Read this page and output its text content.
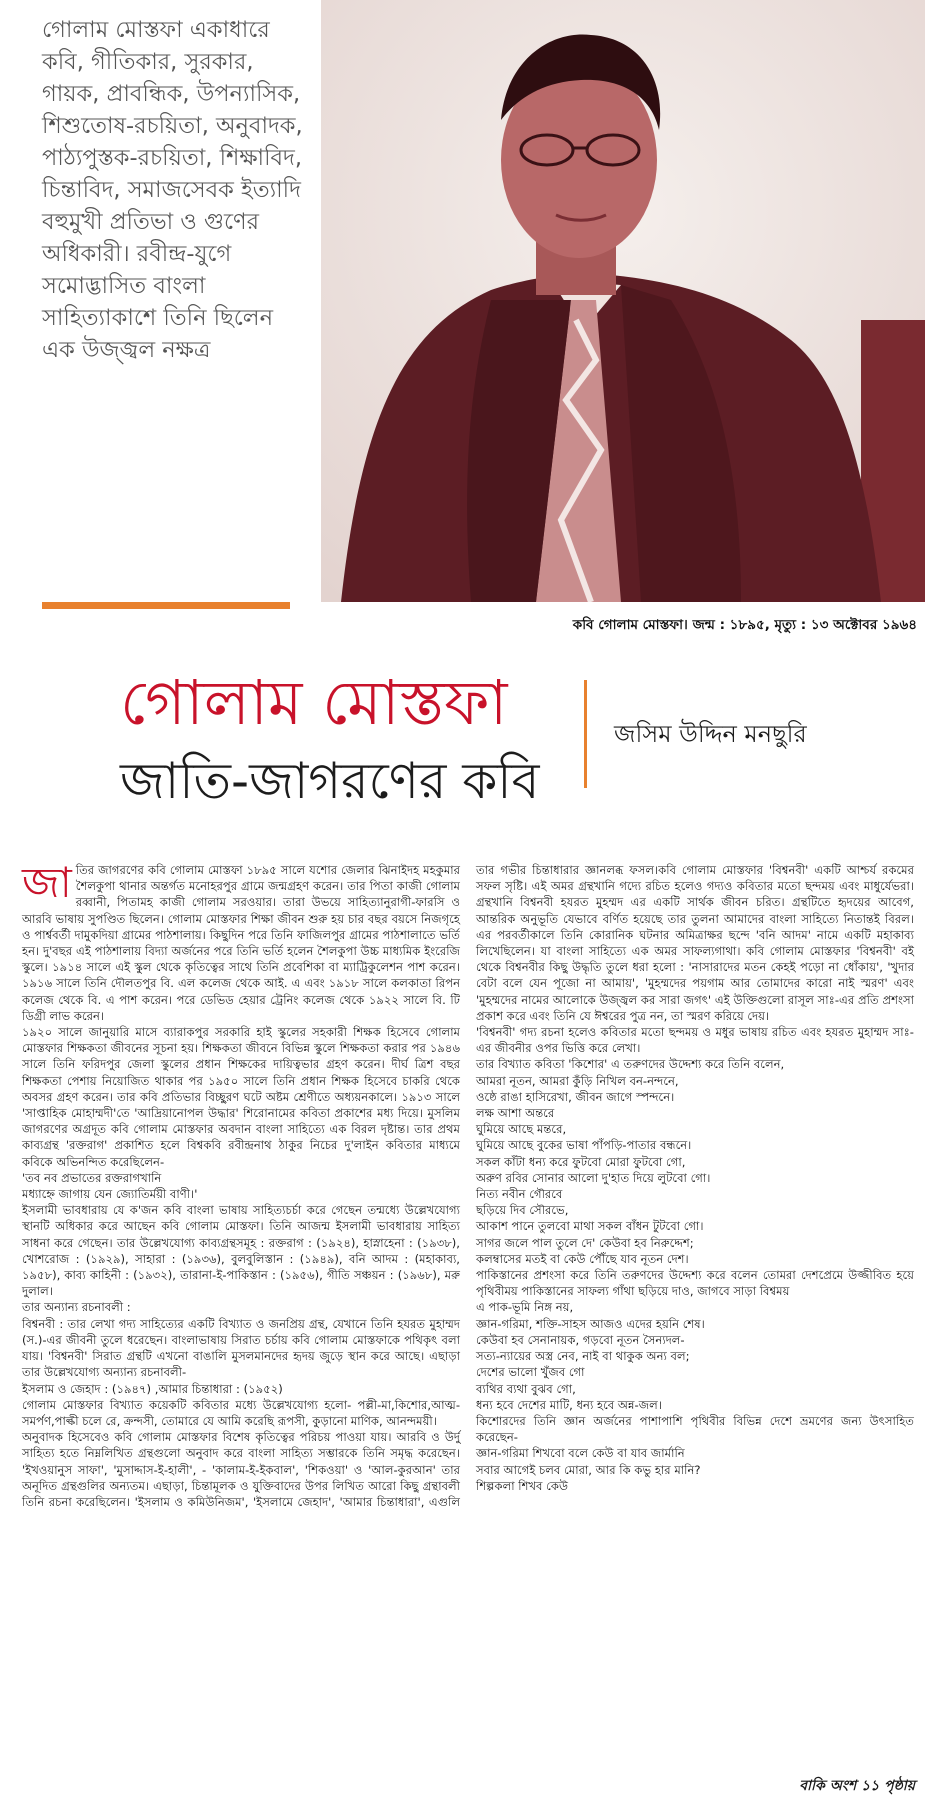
গোলাম মোস্তফা একাধারে কবি, গীতিকার, সুরকার, গায়ক, প্রাবন্ধিক, উপন্যাসিক, শিশুতোষ-রচয়িতা, অনুবাদক, পাঠ্যপুস্তক-রচয়িতা, শিক্ষাবিদ, চিন্তাবিদ, সমাজসেবক ইত্যাদি বহুমুখী প্রতিভা ও গুণের অধিকারী। রবীন্দ্র-যুগে সমোদ্ভাসিত বাংলা সাহিত্যাকাশে তিনি ছিলেন এক উজ্জ্বল নক্ষত্র
কবি গোলাম মোস্তফা। জন্ম : ১৮৯৫, মৃত্যু : ১৩ অক্টোবর ১৯৬৪
গোলাম মোস্তফা
জাতি-জাগরণের কবি
জসিম উদ্দিন মনছুরি

জাতির জাগরণের কবি গোলাম মোস্তফা ১৮৯৫ সালে যশোর জেলার ঝিনাইদহ মহকুমার শৈলকুপা থানার অন্তর্গত মনোহরপুর গ্রামে জন্মগ্রহণ করেন। তার পিতা কাজী গোলাম রব্বানী, পিতামহ কাজী গোলাম সরওয়ার। তারা উভয়ে সাহিত্যানুরাগী-ফারসি ও আরবি ভাষায় সুপণ্ডিত ছিলেন। গোলাম মোস্তফার শিক্ষা জীবন শুরু হয় চার বছর বয়সে নিজগৃহে ও পার্শ্ববর্তী দামুকদিয়া গ্রামের পাঠশালায়। কিছুদিন পরে তিনি ফাজিলপুর গ্রামের পাঠশালাতে ভর্তি হন। দু'বছর এই পাঠশালায় বিদ্যা অর্জনের পরে তিনি ভর্তি হলেন শৈলকুপা উচ্চ মাধ্যমিক ইংরেজি স্কুলে। ১৯১৪ সালে এই স্কুল থেকে কৃতিত্বের সাথে তিনি প্রবেশিকা বা ম্যাট্রিকুলেশন পাশ করেন। ১৯১৬ সালে তিনি দৌলতপুর বি. এল কলেজ থেকে আই. এ এবং ১৯১৮ সালে কলকাতা রিপন কলেজ থেকে বি. এ পাশ করেন। পরে ডেভিড হেয়ার ট্রেনিং কলেজ থেকে ১৯২২ সালে বি. টি ডিগ্রী লাভ করেন।

১৯২০ সালে জানুয়ারি মাসে ব্যারাকপুর সরকারি হাই স্কুলের সহকারী শিক্ষক হিসেবে গোলাম মোস্তফার শিক্ষকতা জীবনের সূচনা হয়। শিক্ষকতা জীবনে বিভিন্ন স্কুলে শিক্ষকতা করার পর ১৯৪৬ সালে তিনি ফরিদপুর জেলা স্কুলের প্রধান শিক্ষকের দায়িত্বভার গ্রহণ করেন। দীর্ঘ ত্রিশ বছর শিক্ষকতা পেশায় নিয়োজিত থাকার পর ১৯৫০ সালে তিনি প্রধান শিক্ষক হিসেবে চাকরি থেকে অবসর গ্রহণ করেন। তার কবি প্রতিভার বিচ্ছুরণ ঘটে অষ্টম শ্রেণীতে অধ্যয়নকালে। ১৯১৩ সালে 'সাপ্তাহিক মোহাম্মদী'তে 'আদ্রিয়ানোপল উদ্ধার' শিরোনামের কবিতা প্রকাশের মধ্য দিয়ে। মুসলিম জাগরণের অগ্রদূত কবি গোলাম মোস্তফার অবদান বাংলা সাহিত্যে এক বিরল দৃষ্টান্ত। তার প্রথম কাব্যগ্রন্থ 'রক্তরাগ' প্রকাশিত হলে বিশ্বকবি রবীন্দ্রনাথ ঠাকুর নিচের দু'লাইন কবিতার মাধ্যমে কবিকে অভিনন্দিত করেছিলেন-

'তব নব প্রভাতের রক্তরাগখানি

মধ্যাহ্নে জাগায় যেন জ্যোতির্ময়ী বাণী।'

ইসলামী ভাবধারায় যে ক'জন কবি বাংলা ভাষায় সাহিত্যচর্চা করে গেছেন তন্মধ্যে উল্লেখযোগ্য স্থানটি অধিকার করে আছেন কবি গোলাম মোস্তফা। তিনি আজন্ম ইসলামী ভাবধারায় সাহিত্য সাধনা করে গেছেন। তার উল্লেখযোগ্য কাব্যগ্রন্থসমূহ : রক্তরাগ : (১৯২৪), হাস্নাহেনা : (১৯৩৮), খোশরোজ : (১৯২৯), সাহারা : (১৯৩৬), বুলবুলিস্তান : (১৯৪৯), বনি আদম : (মহাকাব্য, ১৯৫৮), কাব্য কাহিনী : (১৯৩২), তারানা-ই-পাকিস্তান : (১৯৫৬), গীতি সঞ্চয়ন : (১৯৬৮), মরু দুলাল।

তার অন্যান্য রচনাবলী :

বিশ্বনবী : তার লেখা গদ্য সাহিত্যের একটি বিখ্যাত ও জনপ্রিয় গ্রন্থ, যেখানে তিনি হযরত মুহাম্মদ (স.)-এর জীবনী তুলে ধরেছেন। বাংলাভাষায় সিরাত চর্চায় কবি গোলাম মোস্তফাকে পথিকৃৎ বলা যায়। 'বিশ্বনবী' সিরাত গ্রন্থটি এখনো বাঙালি মুসলমানদের হৃদয় জুড়ে স্থান করে আছে। এছাড়া তার উল্লেখযোগ্য অন্যান্য রচনাবলী-

ইসলাম ও জেহাদ : (১৯৪৭) ,আমার চিন্তাধারা : (১৯৫২)

গোলাম মোস্তফার বিখ্যাত কয়েকটি কবিতার মধ্যে উল্লেখযোগ্য হলো- পল্লী-মা,কিশোর,আত্ম-সমর্পণ,পাল্কী চলে রে, ক্রন্দসী, তোমারে যে আমি করেছি রূপসী, কুড়ানো মাণিক, আনন্দময়ী।

অনুবাদক হিসেবেও কবি গোলাম মোস্তফার বিশেষ কৃতিত্বের পরিচয় পাওয়া যায়। আরবি ও উর্দু সাহিত্য হতে নিম্নলিখিত গ্রন্থগুলো অনুবাদ করে বাংলা সাহিত্য সম্ভারকে তিনি সমৃদ্ধ করেছেন। 'ইখওয়ানুস সাফা', 'মুসাদ্দাস-ই-হালী', - 'কালাম-ই-ইকবাল', 'শিকওয়া' ও 'আল-কুরআন' তার অনূদিত গ্রন্থগুলির অন্যতম। এছাড়া, চিন্তামূলক ও যুক্তিবাদের উপর লিখিত আরো কিছু গ্রন্থাবলী তিনি রচনা করেছিলেন। 'ইসলাম ও কমিউনিজম', 'ইসলামে জেহাদ', 'আমার চিন্তাধারা', এগুলি তার গভীর চিন্তাধারার জ্ঞানলব্ধ ফসল।কবি গোলাম মোস্তফার 'বিশ্বনবী' একটি আশ্চর্য রকমের সফল সৃষ্টি। এই অমর গ্রন্থখানি গদ্যে রচিত হলেও গদ্যও কবিতার মতো ছন্দময় এবং মাধুর্যেভরা। গ্রন্থখানি বিশ্বনবী হযরত মুহম্মদ এর একটি সার্থক জীবন চরিত। গ্রন্থটিতে হৃদয়ের আবেগ, আন্তরিক অনুভূতি যেভাবে বর্ণিত হয়েছে তার তুলনা আমাদের বাংলা সাহিত্যে নিতান্তই বিরল। এর পরবর্তীকালে তিনি কোরানিক ঘটনার অমিত্রাক্ষর ছন্দে 'বনি আদম' নামে একটি মহাকাব্য লিখেছিলেন। যা বাংলা সাহিত্যে এক অমর সাফল্যগাথা। কবি গোলাম মোস্তফার 'বিশ্বনবী' বই থেকে বিশ্বনবীর কিছু উদ্ধৃতি তুলে ধরা হলো : 'নাসারাদের মতন কেহই পড়ো না ধোঁকায়', 'খুদার বেটা বলে যেন পূজো না আমায়', 'মুহম্মদের পয়গাম আর তোমাদের কারো নাই স্মরণ' এবং 'মুহম্মদের নামের আলোকে উজ্জ্বল কর সারা জগৎ' এই উক্তিগুলো রাসূল সাঃ-এর প্রতি প্রশংসা প্রকাশ করে এবং তিনি যে ঈশ্বরের পুত্র নন, তা স্মরণ করিয়ে দেয়।

'বিশ্বনবী' গদ্য রচনা হলেও কবিতার মতো ছন্দময় ও মধুর ভাষায় রচিত এবং হযরত মুহাম্মদ সাঃ-এর জীবনীর ওপর ভিত্তি করে লেখা।

তার বিখ্যাত কবিতা 'কিশোর' এ তরুণদের উদ্দেশ্য করে তিনি বলেন,

আমরা নূতন, আমরা কুঁড়ি নিখিল বন-নন্দনে,

ওষ্ঠে রাঙা হাসিরেখা, জীবন জাগে স্পন্দনে।

লক্ষ আশা অন্তরে

ঘুমিয়ে আছে মন্তরে,

ঘুমিয়ে আছে বুকের ভাষা পাঁপড়ি-পাতার বন্ধনে।

সকল কাঁটা ধন্য করে ফুটবো মোরা ফুটবো গো,

অরুণ রবির সোনার আলো দু'হাত দিয়ে লুটবো গো।

নিত্য নবীন গৌরবে

ছড়িয়ে দিব সৌরভে,

আকাশ পানে তুলবো মাথা সকল বাঁধন টুটবো গো।

সাগর জলে পাল তুলে দে' কেউবা হব নিরুদ্দেশ;

কলম্বাসের মতই বা কেউ পৌঁছে যাব নূতন দেশ।

পাকিস্তানের প্রশংসা করে তিনি তরুণদের উদ্দেশ্য করে বলেন তোমরা দেশপ্রেমে উজ্জীবিত হয়ে পৃথিবীময় পাকিস্তানের সাফল্য গাঁথা ছড়িয়ে দাও, জাগবে সাড়া বিশ্বময়

এ পাক-ভূমি নিঙ্গ নয়,

জ্ঞান-গরিমা, শক্তি-সাহস আজও এদের হয়নি শেষ।

কেউবা হব সেনানায়ক, গড়বো নূতন সৈন্যদল-

সত্য-ন্যায়ের অস্ত্র নেব, নাই বা থাকুক অন্য বল;

দেশের ভালো খুঁজব গো

ব্যথির ব্যথা বুঝব গো,

ধন্য হবে দেশের মাটি, ধন্য হবে অন্ন-জল।

কিশোরদের তিনি জ্ঞান অর্জনের পাশাপাশি পৃথিবীর বিভিন্ন দেশে ভ্রমণের জন্য উৎসাহিত করেছেন-

জ্ঞান-গরিমা শিখবো বলে কেউ বা যাব জার্মানি

সবার আগেই চলব মোরা, আর কি কভু হার মানি?

শিল্পকলা শিখব কেউ

বাকি অংশ ১১ পৃষ্ঠায়
